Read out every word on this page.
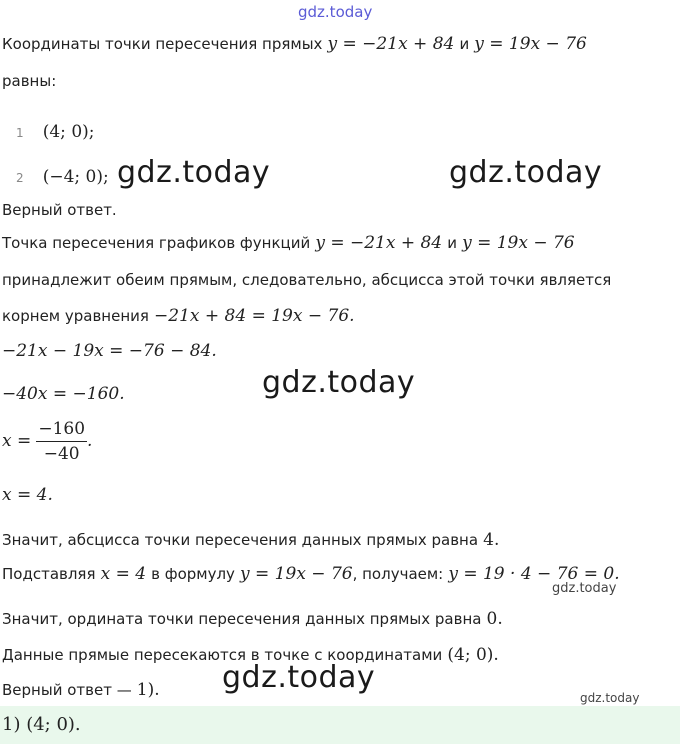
gdz.today
Координаты точки пересечения прямых y = −21x + 84 и y = 19x − 76
равны:
1 (4; 0);
2 (−4; 0); gdz.today	gdz.today
Верный ответ.
Точка пересечения графиков функций y = −21x + 84 и y = 19x − 76
принадлежит обеим прямым, следовательно, абсцисса этой точки является
корнем уравнения −21x + 84 = 19x − 76.
−21x − 19x = −76 − 84.
−40x = −160.	gdz.today
$x = \frac{-160}{-40}$ .
x = 4.
Значит, абсцисса точки пересечения данных прямых равна 4.
Подставляя x = 4 в формулу y = 19x − 76, получаем: y = 19 · 4 − 76 = 0.
gdz.today
Значит, ордината точки пересечения данных прямых равна 0.
Данные прямые пересекаются в точке с координатами (4; 0).
Верный ответ — 1). gdz.today
gdz.today
1) (4; 0).
